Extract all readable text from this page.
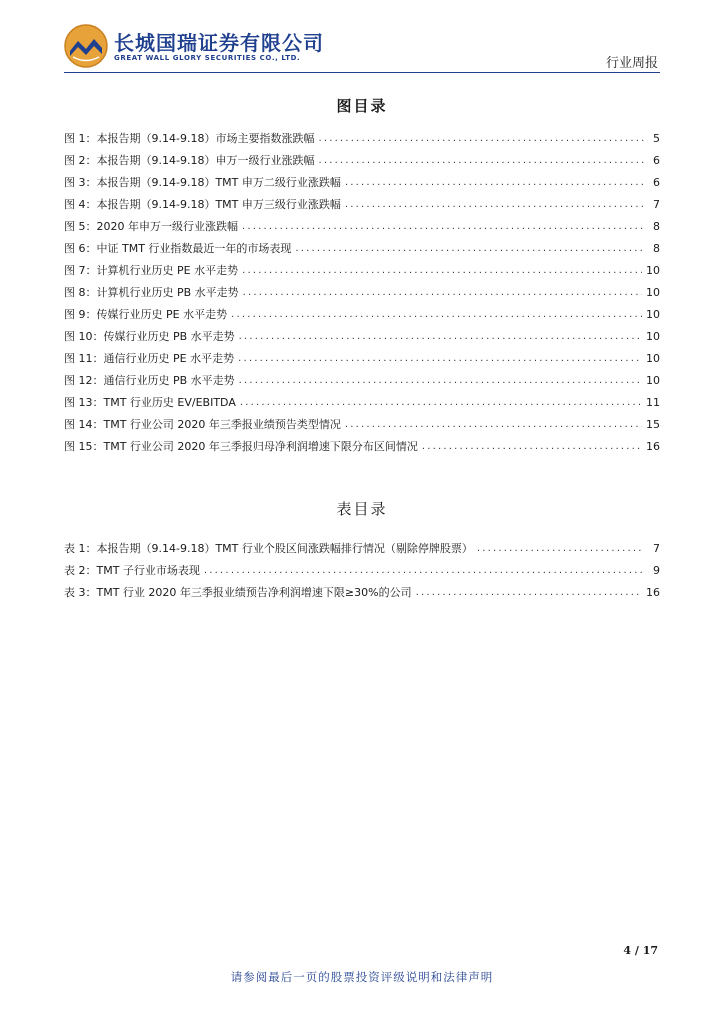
长城国瑞证券有限公司
GREAT WALL GLORY SECURITIES CO., LTD.	行业周报
图目录
图 1：本报告期（9.14-9.18）市场主要指数涨跌幅 .....	5
图 2：本报告期（9.14-9.18）申万一级行业涨跌幅 .....	6
图 3：本报告期（9.14-9.18）TMT 申万二级行业涨跌幅 .....	6
图 4：本报告期（9.14-9.18）TMT 申万三级行业涨跌幅 .....	7
图 5：2020 年申万一级行业涨跌幅 .....	8
图 6：中证 TMT 行业指数最近一年的市场表现 .....	8
图 7：计算机行业历史 PE 水平走势 .....	10
图 8：计算机行业历史 PB 水平走势 .....	10
图 9：传媒行业历史 PE 水平走势 .....	10
图 10：传媒行业历史 PB 水平走势 .....	10
图 11：通信行业历史 PE 水平走势 .....	10
图 12：通信行业历史 PB 水平走势 .....	10
图 13：TMT 行业历史 EV/EBITDA .....	11
图 14：TMT 行业公司 2020 年三季报业绩预告类型情况 .....	15
图 15：TMT 行业公司 2020 年三季报归母净利润增速下限分布区间情况 .....	16
表目录
表 1：本报告期（9.14-9.18）TMT 行业个股区间涨跌幅排行情况（剔除停牌股票） .....	7
表 2：TMT 子行业市场表现 .....	9
表 3：TMT 行业 2020 年三季报业绩预告净利润增速下限≥30%的公司 .....	16
4 / 17
请参阅最后一页的股票投资评级说明和法律声明
